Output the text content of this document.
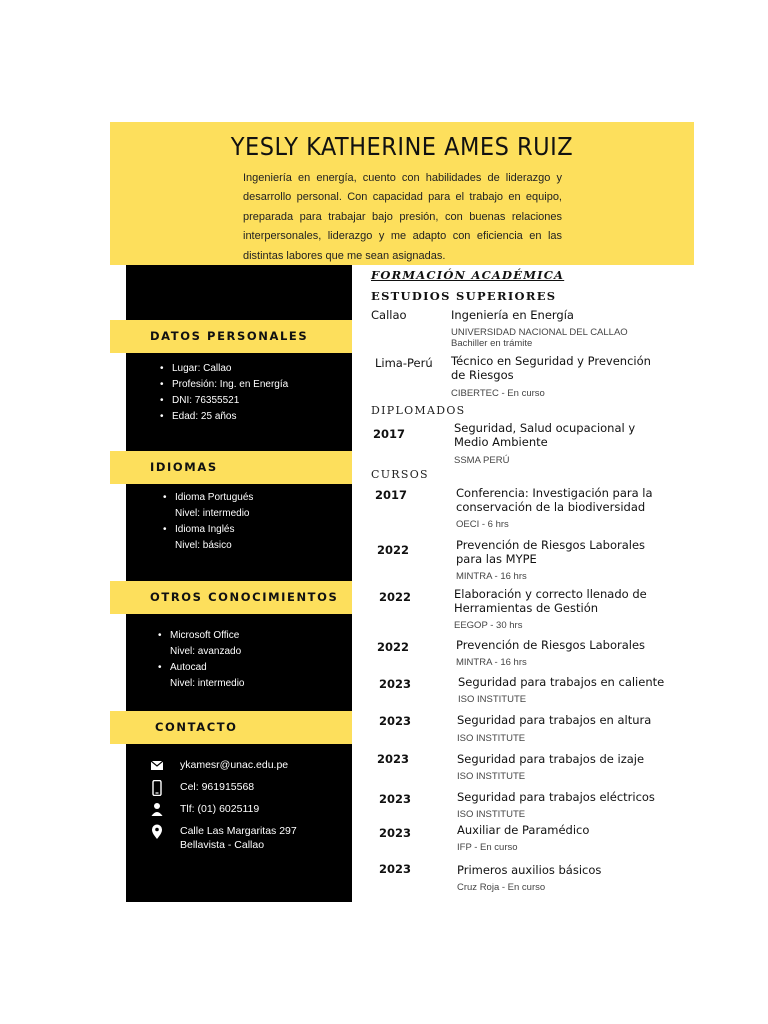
YESLY KATHERINE AMES RUIZ
Ingeniería en energía, cuento con habilidades de liderazgo y desarrollo personal. Con capacidad para el trabajo en equipo, preparada para trabajar bajo presión, con buenas relaciones interpersonales, liderazgo y me adapto con eficiencia en las distintas labores que me sean asignadas.
DATOS PERSONALES
• Lugar: Callao
• Profesión: Ing. en Energía
• DNI: 76355521
• Edad: 25 años
IDIOMAS
• Idioma Portugués
Nivel: intermedio
• Idioma Inglés
Nivel: básico
OTROS CONOCIMIENTOS
• Microsoft Office
Nivel: avanzado
• Autocad
Nivel: intermedio
CONTACTO
ykamesr@unac.edu.pe
Cel: 961915568
Tlf: (01) 6025119
Calle Las Margaritas 297
Bellavista - Callao
FORMACIÓN ACADÉMICA
ESTUDIOS SUPERIORES
Callao	Ingeniería en Energía
UNIVERSIDAD NACIONAL DEL CALLAO
Bachiller en trámite
Lima-Perú Técnico en Seguridad y Prevención
de Riesgos
CIBERTEC - En curso
DIPLOMADOS
2017	Seguridad, Salud ocupacional y
Medio Ambiente
SSMA PERÚ
CURSOS
2017	Conferencia: Investigación para la
conservación de la biodiversidad
OECI - 6 hrs
2022	Prevención de Riesgos Laborales
para las MYPE
MINTRA - 16 hrs
2022	Elaboración y correcto llenado de
Herramientas de Gestión
EEGOP - 30 hrs
2022	Prevención de Riesgos Laborales
MINTRA - 16 hrs
2023	Seguridad para trabajos en caliente
ISO INSTITUTE
2023	Seguridad para trabajos en altura
ISO INSTITUTE
2023	Seguridad para trabajos de izaje
ISO INSTITUTE
2023	Seguridad para trabajos eléctricos
ISO INSTITUTE
2023	Auxiliar de Paramédico
IFP - En curso
2023	Primeros auxilios básicos
Cruz Roja - En curso
